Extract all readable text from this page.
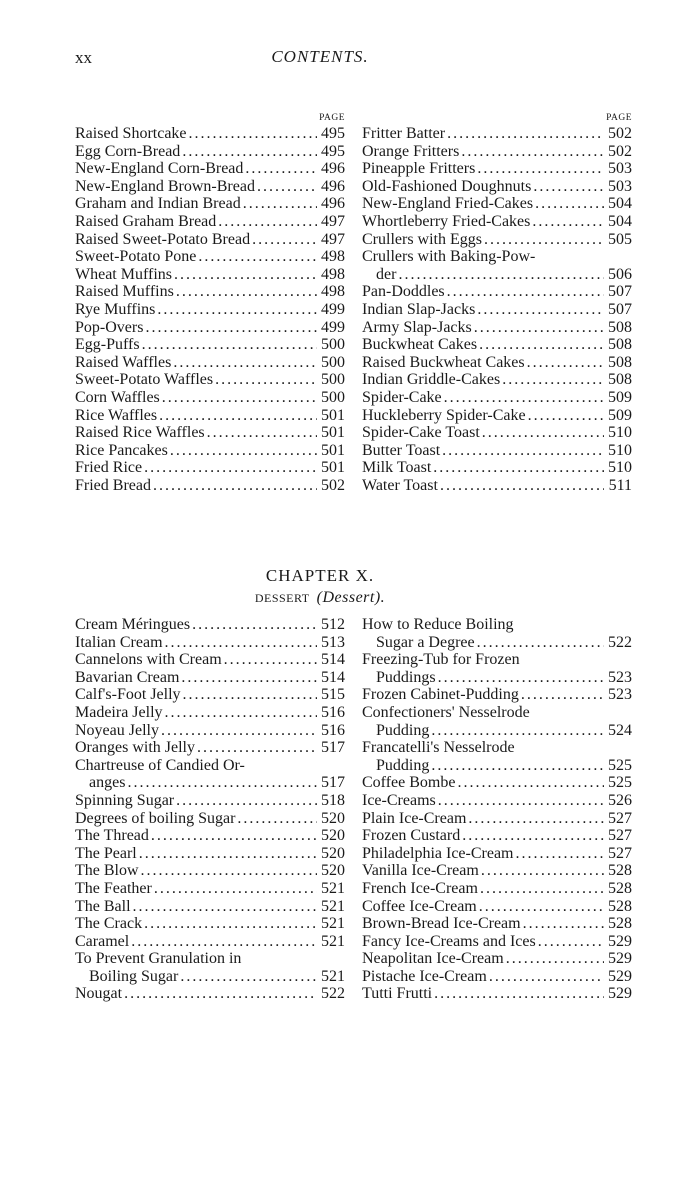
xx	CONTENTS.
PAGE
Raised Shortcake . . .	495
Egg Corn-Bread . . .	495
New-England Corn-Bread . . .	496
New-England Brown-Bread . . .	496
Graham and Indian Bread . . .	496
Raised Graham Bread . . .	497
Raised Sweet-Potato Bread . . .	497
Sweet-Potato Pone . . .	498
Wheat Muffins . . .	498
Raised Muffins . . .	498
Rye Muffins . . .	499
Pop-Overs . . .	499
Egg-Puffs . . .	500
Raised Waffles . . .	500
Sweet-Potato Waffles . . .	500
Corn Waffles . . .	500
Rice Waffles . . .	501
Raised Rice Waffles . . .	501
Rice Pancakes . . .	501
Fried Rice . . .	501
Fried Bread . . .	502
PAGE
Fritter Batter . . .	502
Orange Fritters . . .	502
Pineapple Fritters . . .	503
Old-Fashioned Doughnuts . . .	503
New-England Fried-Cakes . . .	504
Whortleberry Fried-Cakes . . .	504
Crullers with Eggs . . .	505
Crullers with Baking-Pow-
der . . .	506
Pan-Doddles . . .	507
Indian Slap-Jacks . . .	507
Army Slap-Jacks . . .	508
Buckwheat Cakes . . .	508
Raised Buckwheat Cakes . . .	508
Indian Griddle-Cakes . . .	508
Spider-Cake . . .	509
Huckleberry Spider-Cake . . .	509
Spider-Cake Toast . . .	510
Butter Toast . . .	510
Milk Toast . . .	510
Water Toast . . .	511
CHAPTER X.
DESSERT (Dessert).
Cream Méringues . . .	512
Italian Cream . . .	513
Cannelons with Cream . . .	514
Bavarian Cream . . .	514
Calf's-Foot Jelly . . .	515
Madeira Jelly . . .	516
Noyeau Jelly . . .	516
Oranges with Jelly . . .	517
Chartreuse of Candied Or-
anges . . .	517
Spinning Sugar . . .	518
Degrees of boiling Sugar . . .	520
The Thread . . .	520
The Pearl . . .	520
The Blow . . .	520
The Feather . . .	521
The Ball . . .	521
The Crack . . .	521
Caramel . . .	521
To Prevent Granulation in
Boiling Sugar . . .	521
Nougat . . .	522
How to Reduce Boiling
Sugar a Degree . . .	522
Freezing-Tub for Frozen
Puddings . . .	523
Frozen Cabinet-Pudding . . .	523
Confectioners' Nesselrode
Pudding . . .	524
Francatelli's Nesselrode
Pudding . . .	525
Coffee Bombe . . .	525
Ice-Creams . . .	526
Plain Ice-Cream . . .	527
Frozen Custard . . .	527
Philadelphia Ice-Cream . . .	527
Vanilla Ice-Cream . . .	528
French Ice-Cream . . .	528
Coffee Ice-Cream . . .	528
Brown-Bread Ice-Cream . . .	528
Fancy Ice-Creams and Ices . . .	529
Neapolitan Ice-Cream . . .	529
Pistache Ice-Cream . . .	529
Tutti Frutti . . .	529
